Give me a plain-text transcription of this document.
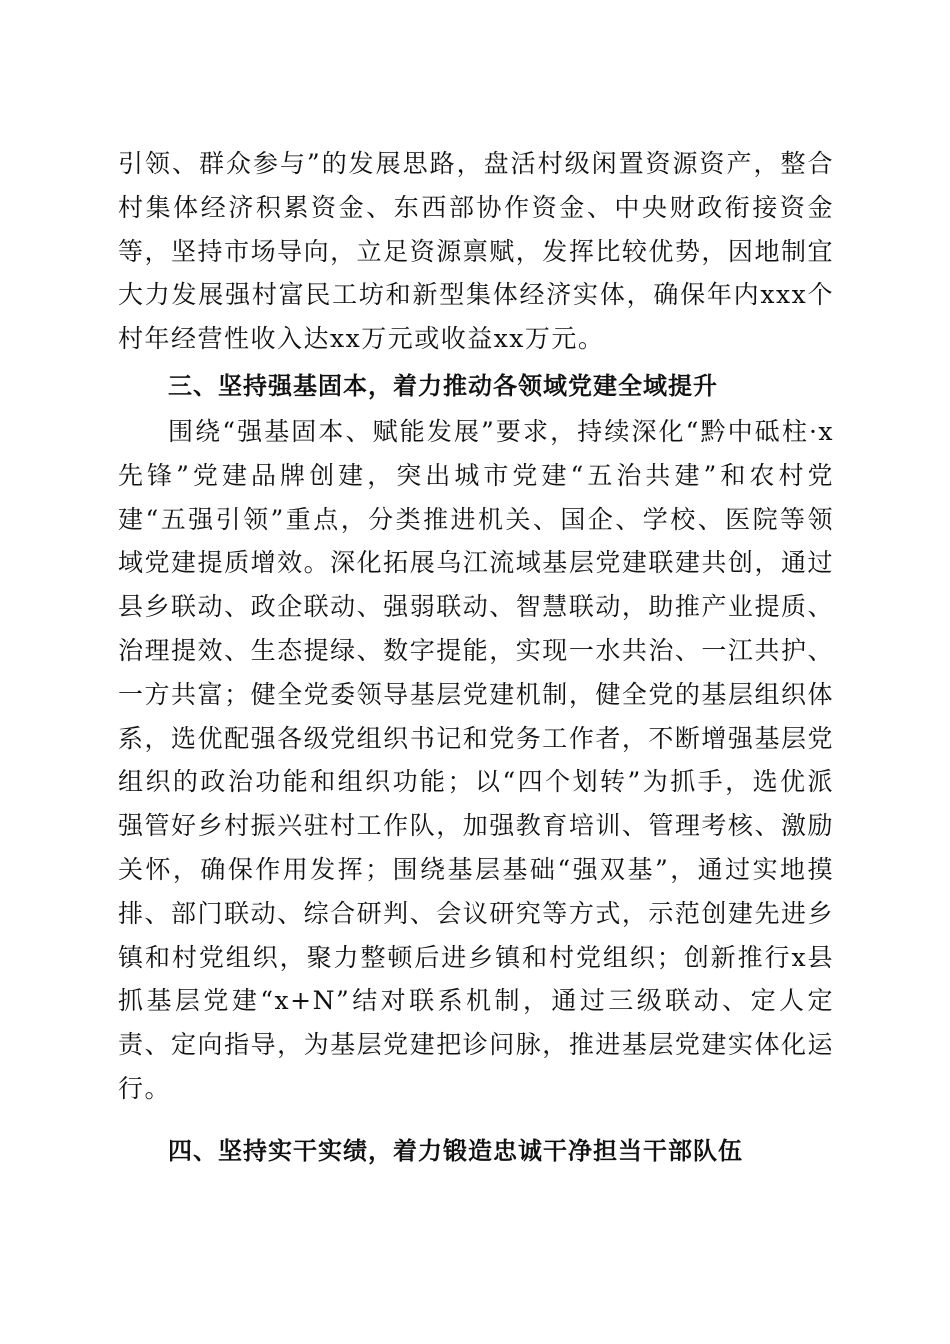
引领、群众参与”的发展思路，盘活村级闲置资源资产，整合村集体经济积累资金、东西部协作资金、中央财政衔接资金等，坚持市场导向，立足资源禀赋，发挥比较优势，因地制宜大力发展强村富民工坊和新型集体经济实体，确保年内xxx个村年经营性收入达xx万元或收益xx万元。
三、坚持强基固本，着力推动各领域党建全域提升
围绕“强基固本、赋能发展”要求，持续深化“黔中砥柱·x先锋”党建品牌创建，突出城市党建“五治共建”和农村党建“五强引领”重点，分类推进机关、国企、学校、医院等领域党建提质增效。深化拓展乌江流域基层党建联建共创，通过县乡联动、政企联动、强弱联动、智慧联动，助推产业提质、治理提效、生态提绿、数字提能，实现一水共治、一江共护、一方共富；健全党委领导基层党建机制，健全党的基层组织体系，选优配强各级党组织书记和党务工作者，不断增强基层党组织的政治功能和组织功能；以“四个划转”为抓手，选优派强管好乡村振兴驻村工作队，加强教育培训、管理考核、激励关怀，确保作用发挥；围绕基层基础“强双基”，通过实地摸排、部门联动、综合研判、会议研究等方式，示范创建先进乡镇和村党组织，聚力整顿后进乡镇和村党组织；创新推行x县抓基层党建“x+N”结对联系机制，通过三级联动、定人定责、定向指导，为基层党建把诊问脉，推进基层党建实体化运行。
四、坚持实干实绩，着力锻造忠诚干净担当干部队伍
